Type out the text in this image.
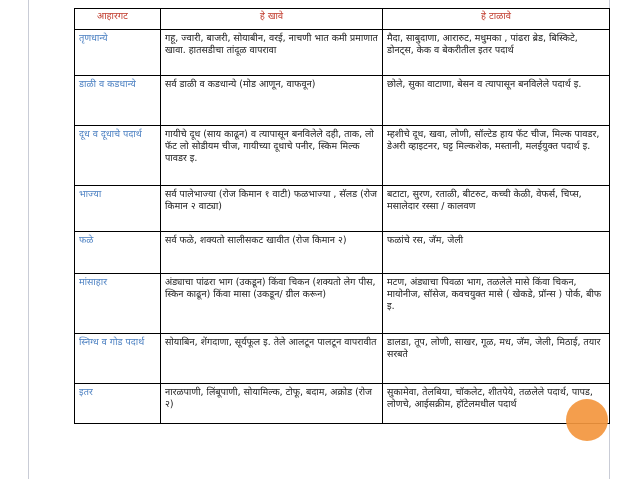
आहारगट	हे खावे	हे टाळावे
तृणधान्ये	गहू, ज्वारी, बाजरी, सोयाबीन, वरई, नाचणी भात कमी प्रमाणात खावा. हातसडीचा तांदूळ वापरावा	मैदा, साबुदाणा, आरारुट, मधुमका , पांढरा ब्रेड, बिस्किटे, डोनट्स, केक व बेकरीतील इतर पदार्थ
डाळी व कडधान्ये	सर्व डाळी व कडधान्ये (मोड आणून, वाफवून)	छोले, सुका वाटाणा, बेसन व त्यापासून बनविलेले पदार्थ इ.
दूध व दूधाचे पदार्थ	गायीचे दूध (साय काढून) व त्यापासून बनविलेले दही, ताक, लो फॅट लो सोडीयम चीज, गायीच्या दूधाचे पनीर, स्किम मिल्क पावडर इ.	म्हशीचे दूध, खवा, लोणी, सॉल्टेड हाय फॅट चीज, मिल्क पावडर, डेअरी व्हाइटनर, घट्ट मिल्कशेक, मस्तानी, मलईयुक्त पदार्थ इ.
भाज्या	सर्व पालेभाज्या (रोज किमान १ वाटी) फळभाज्या , सॅलड (रोज किमान २ वाट्या)	बटाटा, सुरण, रताळी, बीटरुट, कच्ची केळी, वेफर्स, चिप्स, मसालेदार रस्सा / कालवण
फळे	सर्व फळे, शक्यतो सालीसकट खावीत (रोज किमान २)	फळांचे रस, जॅम, जेली
मांसाहार	अंड्याचा पांढरा भाग (उकडून) किंवा चिकन (शक्यतो लेग पीस, स्किन काढून) किंवा मासा (उकडून/ ग्रील करून)	मटण, अंड्याचा पिवळा भाग, तळलेले मासे किंवा चिकन, मायोनीज, सॉसेज, कवचयुक्त मासे ( खेकडे, प्रॉन्स ) पोर्क, बीफ इ.
स्निग्ध व गोड पदार्थ	सोयाबिन, शेंगदाणा, सूर्यफूल इ. तेले आलटून पालटून वापरावीत	डालडा, तूप, लोणी, साखर, गूळ, मध, जॅम, जेली, मिठाई, तयार सरबते
इतर	नारळपाणी, लिंबूपाणी, सोयामिल्क, टोफू, बदाम, अक्रोड (रोज २)	सुकामेवा, तेलबिया, चॉकलेट, शीतपेये, तळलेले पदार्थ, पापड, लोणचे, आईसक्रीम, हॉटेलमधील पदार्थ
